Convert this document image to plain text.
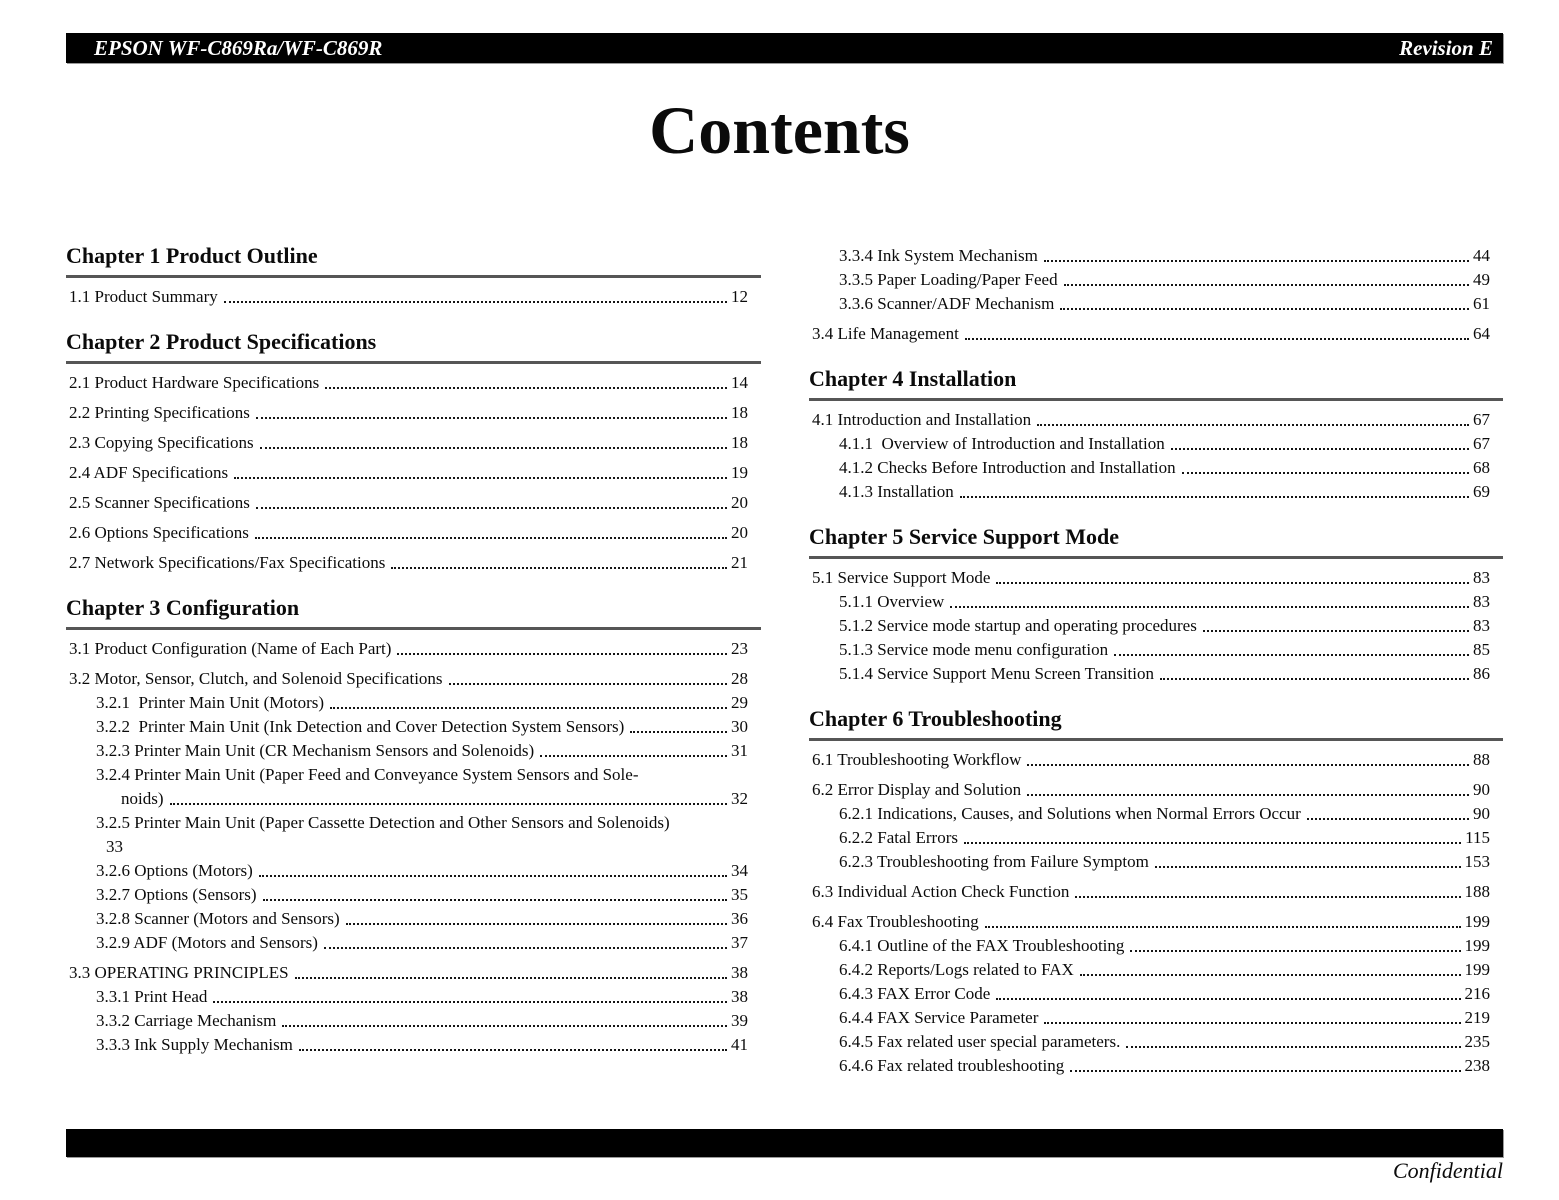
EPSON WF-C869Ra/WF-C869R	Revision E
Contents
Chapter 1 Product Outline
1.1 Product Summary	12
Chapter 2 Product Specifications
2.1 Product Hardware Specifications	14
2.2 Printing Specifications	18
2.3 Copying Specifications	18
2.4 ADF Specifications	19
2.5 Scanner Specifications	20
2.6 Options Specifications	20
2.7 Network Specifications/Fax Specifications	21
Chapter 3 Configuration
3.1 Product Configuration (Name of Each Part)	23
3.2 Motor, Sensor, Clutch, and Solenoid Specifications	28
3.2.1  Printer Main Unit (Motors)	29
3.2.2  Printer Main Unit (Ink Detection and Cover Detection System Sensors)	30
3.2.3 Printer Main Unit (CR Mechanism Sensors and Solenoids)	31
3.2.4 Printer Main Unit (Paper Feed and Conveyance System Sensors and Sole-
noids)	32
3.2.5 Printer Main Unit (Paper Cassette Detection and Other Sensors and Solenoids)
33
3.2.6 Options (Motors)	34
3.2.7 Options (Sensors)	35
3.2.8 Scanner (Motors and Sensors)	36
3.2.9 ADF (Motors and Sensors)	37
3.3 OPERATING PRINCIPLES	38
3.3.1 Print Head	38
3.3.2 Carriage Mechanism	39
3.3.3 Ink Supply Mechanism	41
3.3.4 Ink System Mechanism	44
3.3.5 Paper Loading/Paper Feed	49
3.3.6 Scanner/ADF Mechanism	61
3.4 Life Management	64
Chapter 4 Installation
4.1 Introduction and Installation	67
4.1.1  Overview of Introduction and Installation	67
4.1.2 Checks Before Introduction and Installation	68
4.1.3 Installation	69
Chapter 5 Service Support Mode
5.1 Service Support Mode	83
5.1.1 Overview	83
5.1.2 Service mode startup and operating procedures	83
5.1.3 Service mode menu configuration	85
5.1.4 Service Support Menu Screen Transition	86
Chapter 6 Troubleshooting
6.1 Troubleshooting Workflow	88
6.2 Error Display and Solution	90
6.2.1 Indications, Causes, and Solutions when Normal Errors Occur	90
6.2.2 Fatal Errors	115
6.2.3 Troubleshooting from Failure Symptom	153
6.3 Individual Action Check Function	188
6.4 Fax Troubleshooting	199
6.4.1 Outline of the FAX Troubleshooting	199
6.4.2 Reports/Logs related to FAX	199
6.4.3 FAX Error Code	216
6.4.4 FAX Service Parameter	219
6.4.5 Fax related user special parameters.	235
6.4.6 Fax related troubleshooting	238
Confidential
